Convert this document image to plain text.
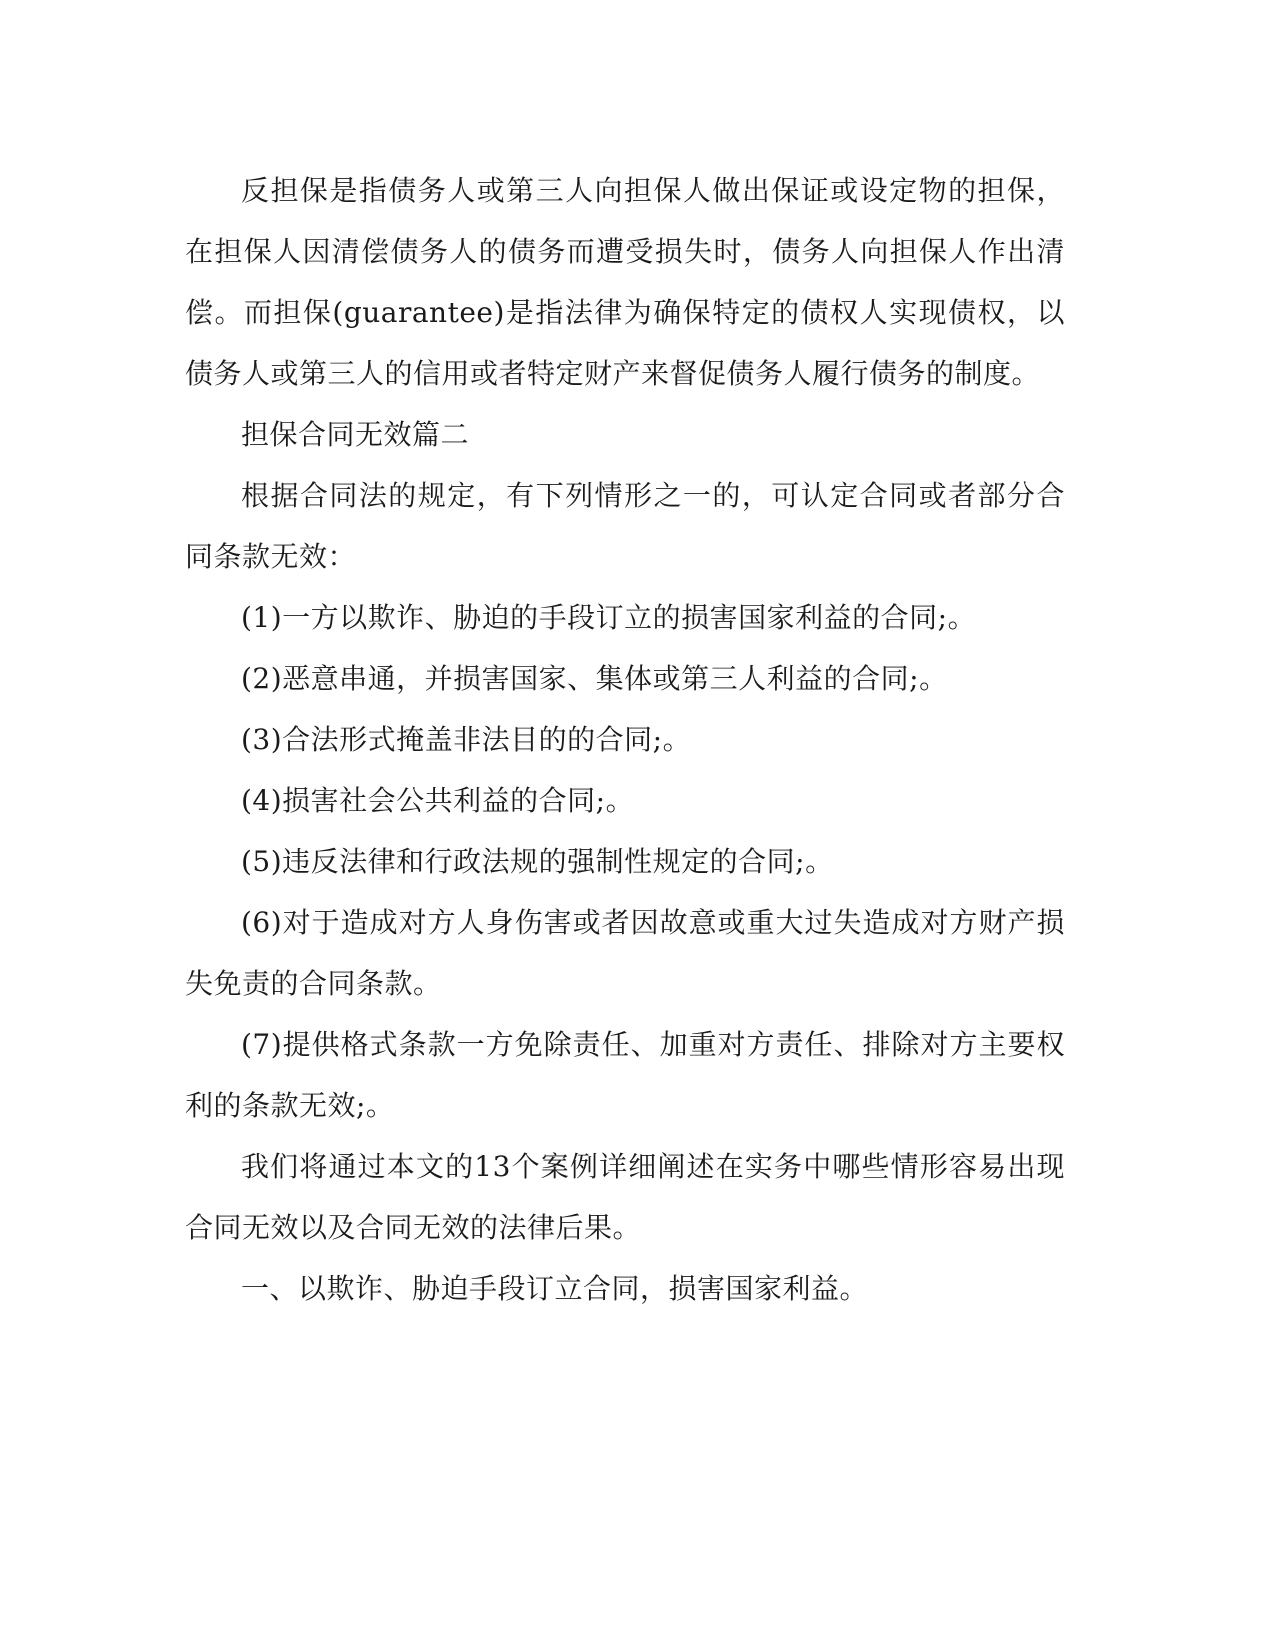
反担保是指债务人或第三人向担保人做出保证或设定物的担保，在担保人因清偿债务人的债务而遭受损失时，债务人向担保人作出清偿。而担保(guarantee)是指法律为确保特定的债权人实现债权，以债务人或第三人的信用或者特定财产来督促债务人履行债务的制度。

担保合同无效篇二

根据合同法的规定，有下列情形之一的，可认定合同或者部分合同条款无效：

(1)一方以欺诈、胁迫的手段订立的损害国家利益的合同;。

(2)恶意串通，并损害国家、集体或第三人利益的合同;。

(3)合法形式掩盖非法目的的合同;。

(4)损害社会公共利益的合同;。

(5)违反法律和行政法规的强制性规定的合同;。

(6)对于造成对方人身伤害或者因故意或重大过失造成对方财产损失免责的合同条款。

(7)提供格式条款一方免除责任、加重对方责任、排除对方主要权利的条款无效;。

我们将通过本文的13个案例详细阐述在实务中哪些情形容易出现合同无效以及合同无效的法律后果。

一、以欺诈、胁迫手段订立合同，损害国家利益。
